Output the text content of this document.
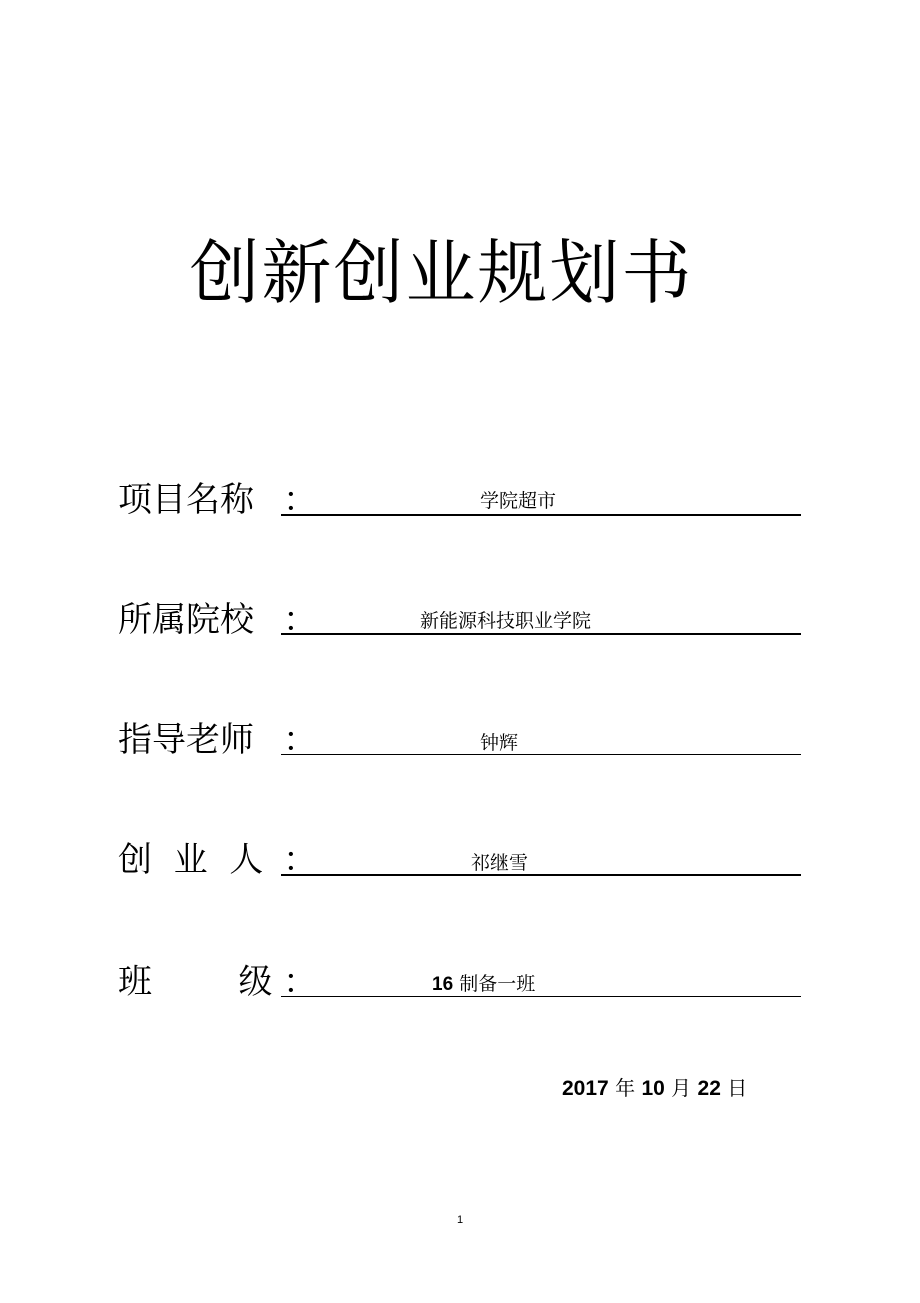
创新创业规划书
项目名称 ：	学院超市
所属院校 ：	新能源科技职业学院
指导老师 ：	钟辉
创  业  人 ：	祁继雪
班        级 ：	16 制备一班
2017 年 10 月 22 日
1
